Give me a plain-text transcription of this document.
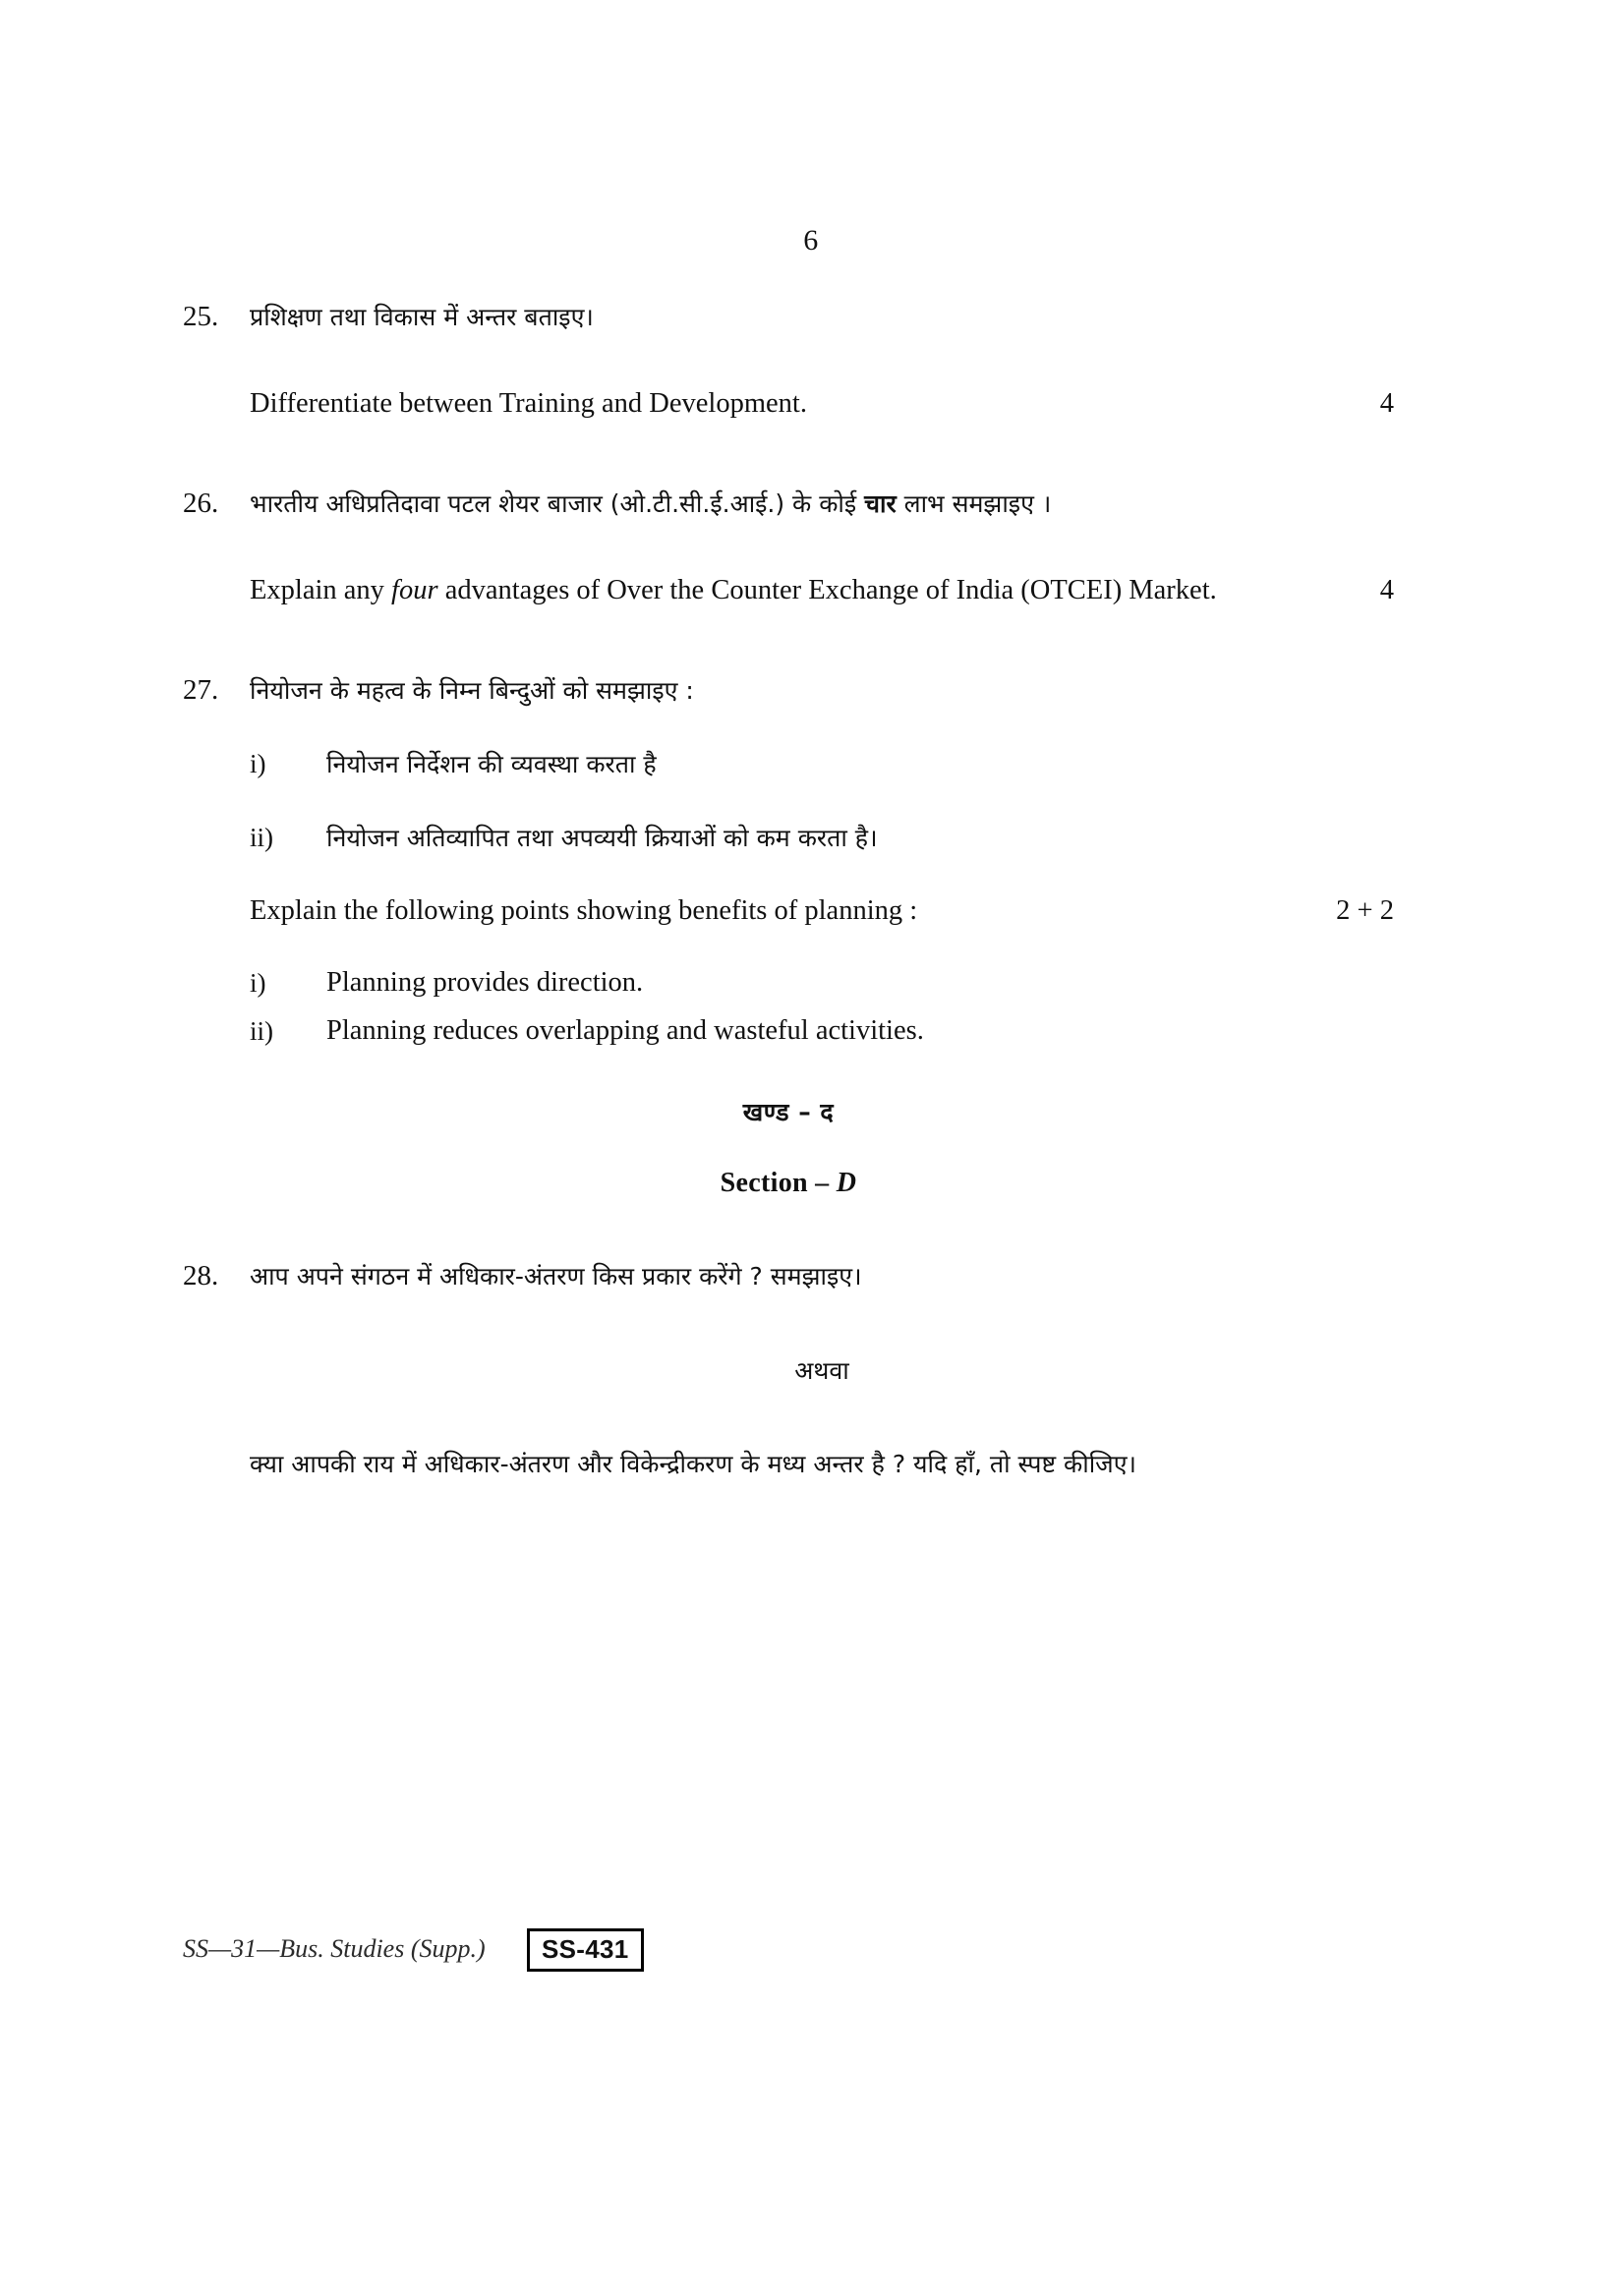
6
25.	प्रशिक्षण तथा विकास में अन्तर बताइए।

4
Differentiate between Training and Development.

26.	भारतीय अधिप्रतिदावा पटल शेयर बाजार (ओ.टी.सी.ई.आई.) के कोई चार लाभ समझाइए ।

4
Explain any four advantages of Over the Counter Exchange of India (OTCEI) Market.

27.	नियोजन के महत्व के निम्न बिन्दुओं को समझाइए :

i)	नियोजन निर्देशन की व्यवस्था करता है
ii)	नियोजन अतिव्यापित तथा अपव्ययी क्रियाओं को कम करता है।

2 + 2
Explain the following points showing benefits of planning :

i)	Planning provides direction.
ii)	Planning reduces overlapping and wasteful activities.

खण्ड – द

Section – D

28.	आप अपने संगठन में अधिकार-अंतरण किस प्रकार करेंगे ? समझाइए।

अथवा

क्या आपकी राय में अधिकार-अंतरण और विकेन्द्रीकरण के मध्य अन्तर है ? यदि हाँ, तो स्पष्ट कीजिए।

SS—31—Bus. Studies (Supp.)	SS-431
